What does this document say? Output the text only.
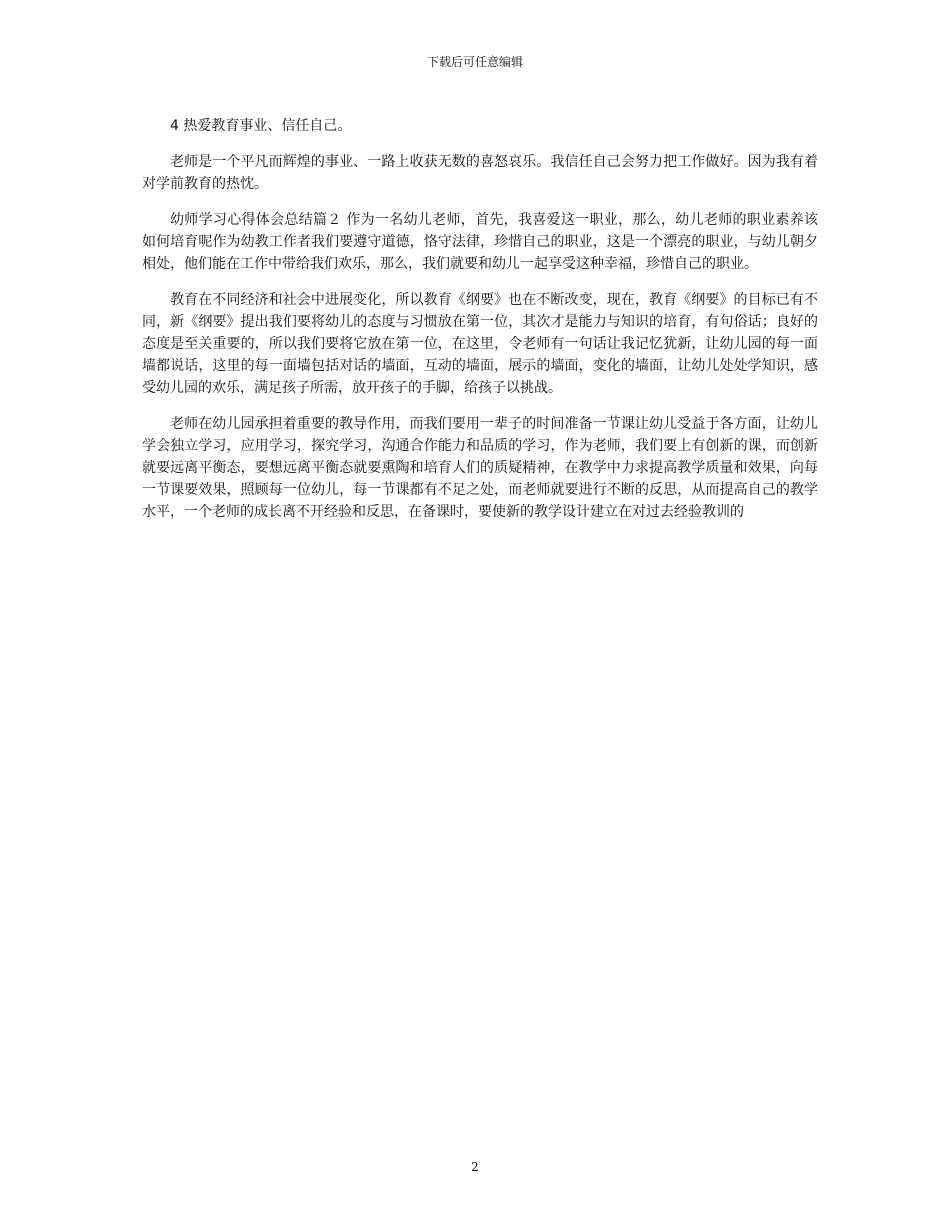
下载后可任意编辑

4 热爱教育事业、信任自己。

老师是一个平凡而辉煌的事业、一路上收获无数的喜怒哀乐。我信任自己会努力把工作做好。因为我有着对学前教育的热忱。

幼师学习心得体会总结篇２ 作为一名幼儿老师，首先，我喜爱这一职业，那么，幼儿老师的职业素养该如何培育呢作为幼教工作者我们要遵守道德，恪守法律，珍惜自己的职业，这是一个漂亮的职业，与幼儿朝夕相处，他们能在工作中带给我们欢乐，那么，我们就要和幼儿一起享受这种幸福，珍惜自己的职业。

教育在不同经济和社会中进展变化，所以教育《纲要》也在不断改变，现在，教育《纲要》的目标已有不同，新《纲要》提出我们要将幼儿的态度与习惯放在第一位，其次才是能力与知识的培育，有句俗话；良好的态度是至关重要的，所以我们要将它放在第一位，在这里，令老师有一句话让我记忆犹新，让幼儿园的每一面墙都说话，这里的每一面墙包括对话的墙面，互动的墙面，展示的墙面，变化的墙面，让幼儿处处学知识，感受幼儿园的欢乐，满足孩子所需，放开孩子的手脚，给孩子以挑战。

老师在幼儿园承担着重要的教导作用，而我们要用一辈子的时间准备一节课让幼儿受益于各方面，让幼儿学会独立学习，应用学习，探究学习，沟通合作能力和品质的学习，作为老师，我们要上有创新的课，而创新就要远离平衡态，要想远离平衡态就要熏陶和培育人们的质疑精神，在教学中力求提高教学质量和效果，向每一节课要效果，照顾每一位幼儿，每一节课都有不足之处，而老师就要进行不断的反思，从而提高自己的教学水平，一个老师的成长离不开经验和反思，在备课时，要使新的教学设计建立在对过去经验教训的

2
